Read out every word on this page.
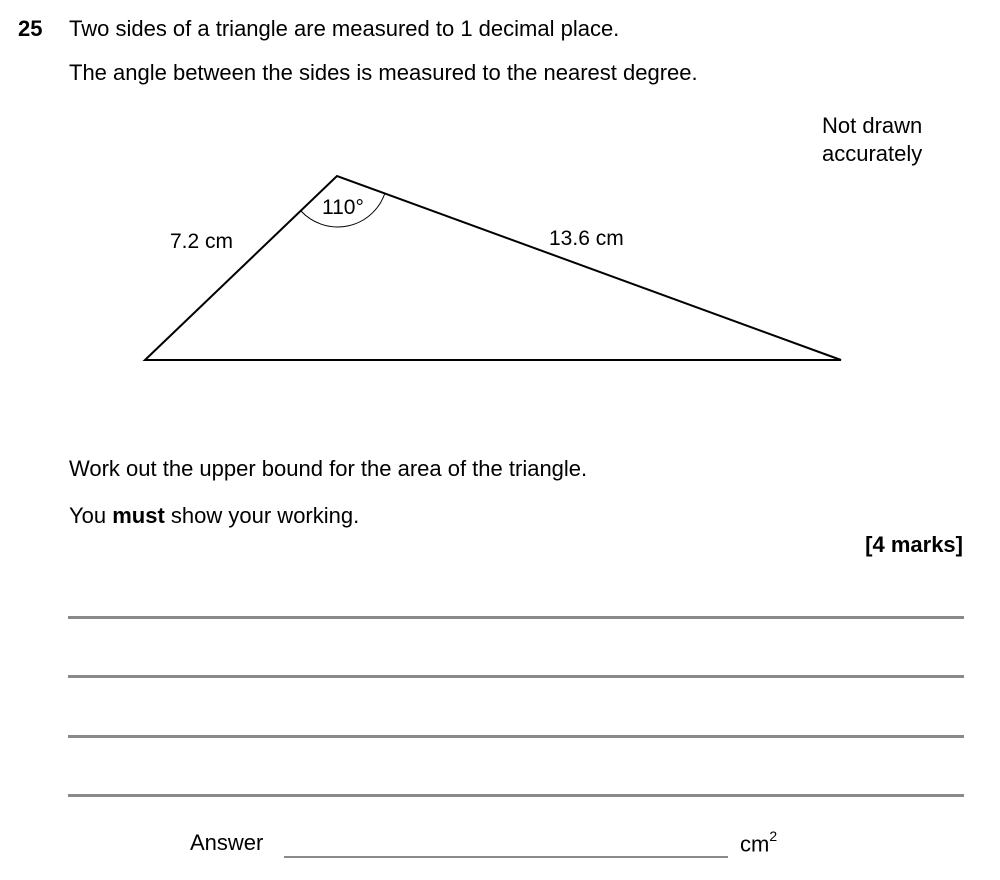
25 Two sides of a triangle are measured to 1 decimal place.
The angle between the sides is measured to the nearest degree.
Not drawn
accurately
110°
7.2 cm	13.6 cm
Work out the upper bound for the area of the triangle.
You must show your working.
[4 marks]
Answer	$cm^2$
